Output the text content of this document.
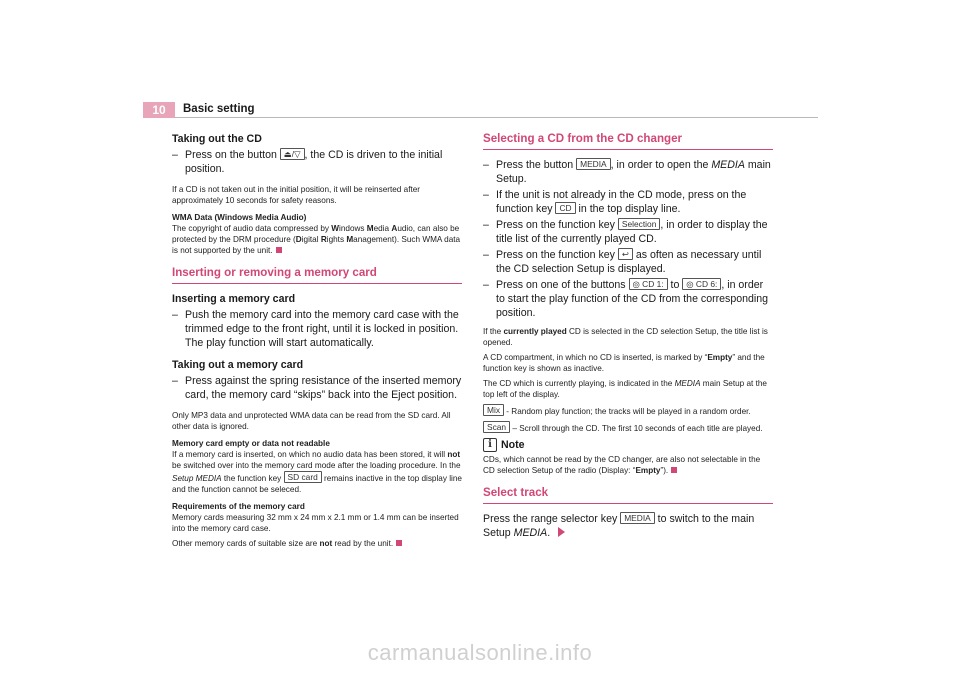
10	Basic setting
Taking out the CD
– Press on the button ⏏/▽ , the CD is driven to the initial position.
If a CD is not taken out in the initial position, it will be reinserted after approximately 10 seconds for safety reasons.
WMA Data (Windows Media Audio)
The copyright of audio data compressed by Windows Media Audio, can also be protected by the DRM procedure (Digital Rights Management). Such WMA data is not supported by the unit.
Inserting or removing a memory card
Inserting a memory card
– Push the memory card into the memory card case with the trimmed edge to the front right, until it is locked in position. The play function will start automatically.
Taking out a memory card
– Press against the spring resistance of the inserted memory card, the memory card “skips” back into the Eject position.
Only MP3 data and unprotected WMA data can be read from the SD card. All other data is ignored.
Memory card empty or data not readable
If a memory card is inserted, on which no audio data has been stored, it will not be switched over into the memory card mode after the loading procedure. In the Setup MEDIA the function key SD card remains inactive in the top display line and the function cannot be seleced.
Requirements of the memory card
Memory cards measuring 32 mm x 24 mm x 2.1 mm or 1.4 mm can be inserted into the memory card case.
Other memory cards of suitable size are not read by the unit.
Selecting a CD from the CD changer
– Press the button MEDIA , in order to open the MEDIA main Setup.
– If the unit is not already in the CD mode, press on the function key CD in the top display line.
– Press on the function key Selection , in order to display the title list of the currently played CD.
– Press on the function key ↩ as often as necessary until the CD selection Setup is displayed.
– Press on one of the buttons ◎ CD 1: to ◎ CD 6: , in order to start the play function of the CD from the corresponding position.
If the currently played CD is selected in the CD selection Setup, the title list is opened.
A CD compartment, in which no CD is inserted, is marked by “Empty” and the function key is shown as inactive.
The CD which is currently playing, is indicated in the MEDIA main Setup at the top left of the display.
Mix - Random play function; the tracks will be played in a random order.
Scan – Scroll through the CD. The first 10 seconds of each title are played.
i Note
CDs, which cannot be read by the CD changer, are also not selectable in the CD selection Setup of the radio (Display: “Empty”).
Select track
Press the range selector key MEDIA to switch to the main Setup MEDIA.
carmanualsonline.info
